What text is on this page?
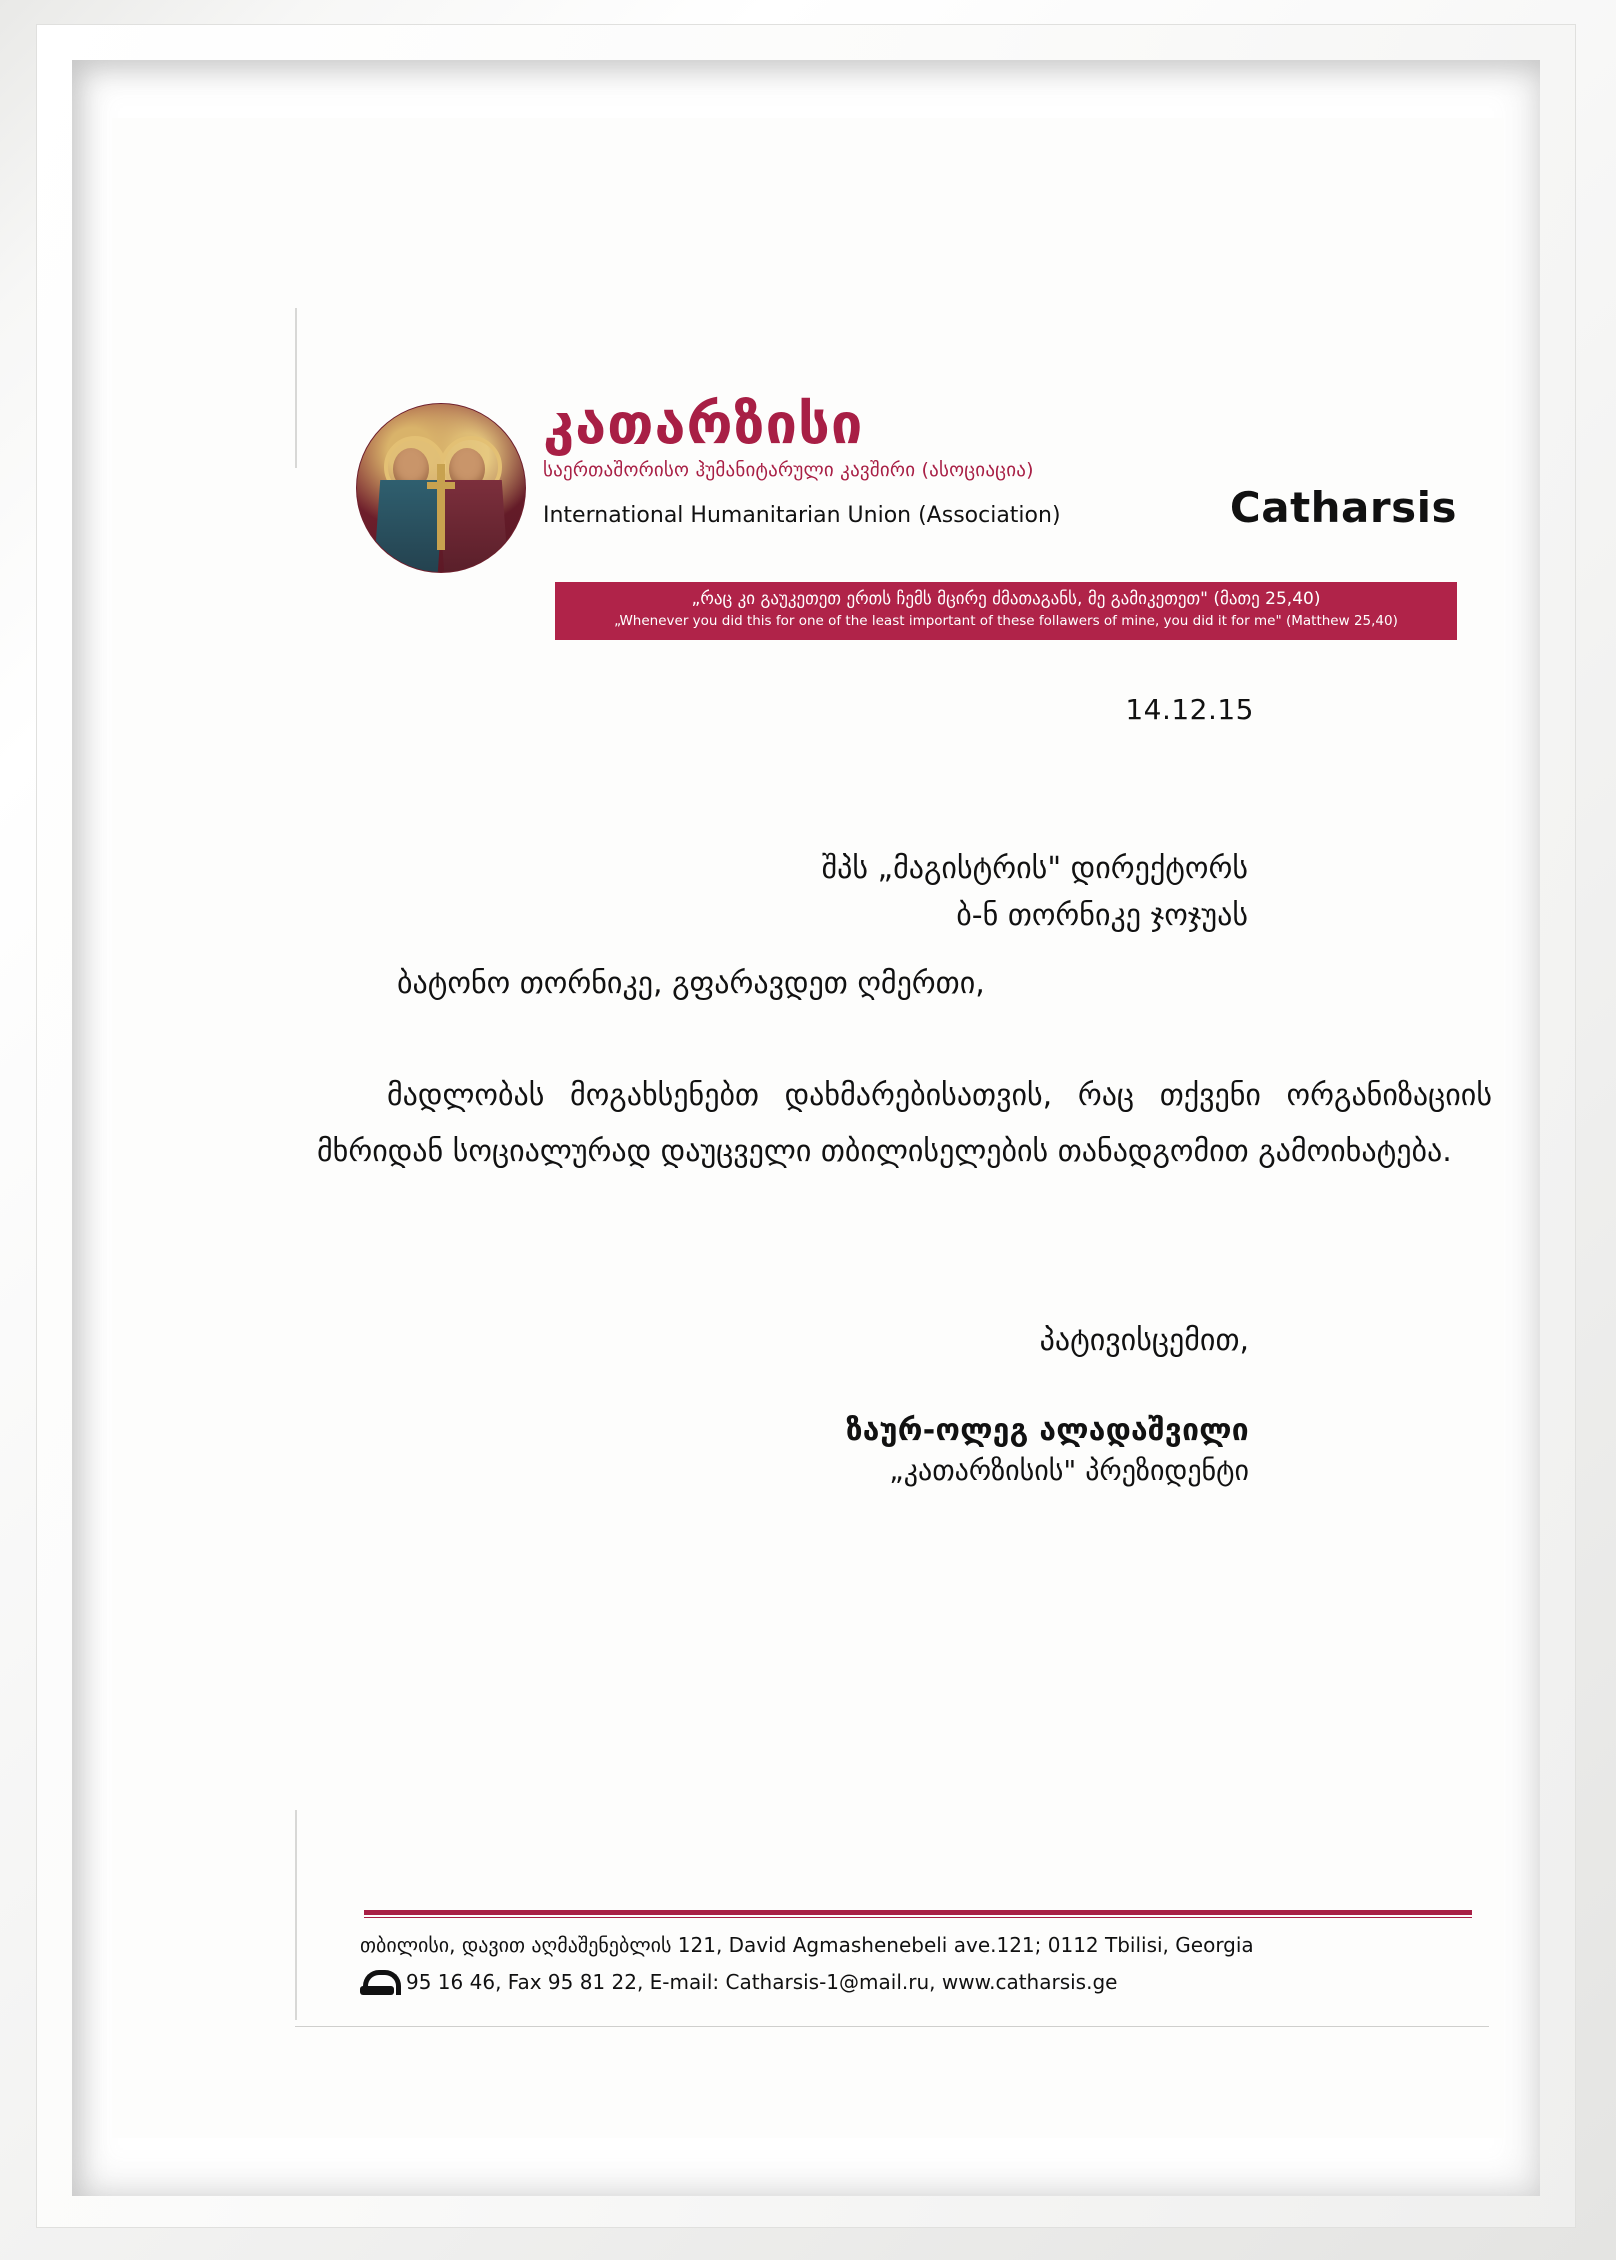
კათარზისი
საერთაშორისო ჰუმანიტარული კავშირი (ასოციაცია)
International Humanitarian Union (Association)	Catharsis
„რაც კი გაუკეთეთ ერთს ჩემს მცირე ძმათაგანს, მე გამიკეთეთ" (მათე 25,40)
„Whenever you did this for one of the least important of these follawers of mine, you did it for me" (Matthew 25,40)
14.12.15
შპს „მაგისტრის" დირექტორს
ბ-ნ თორნიკე ჯოჯუას
ბატონო თორნიკე, გფარავდეთ ღმერთი,
მადლობას მოგახსენებთ დახმარებისათვის, რაც თქვენი ორგანიზაციის მხრიდან სოციალურად დაუცველი თბილისელების თანადგომით გამოიხატება.
პატივისცემით,
ზაურ-ოლეგ ალადაშვილი
„კათარზისის" პრეზიდენტი
თბილისი, დავით აღმაშენებლის 121, David Agmashenebeli ave.121; 0112 Tbilisi, Georgia
95 16 46, Fax 95 81 22, E-mail: Catharsis-1@mail.ru, www.catharsis.ge
